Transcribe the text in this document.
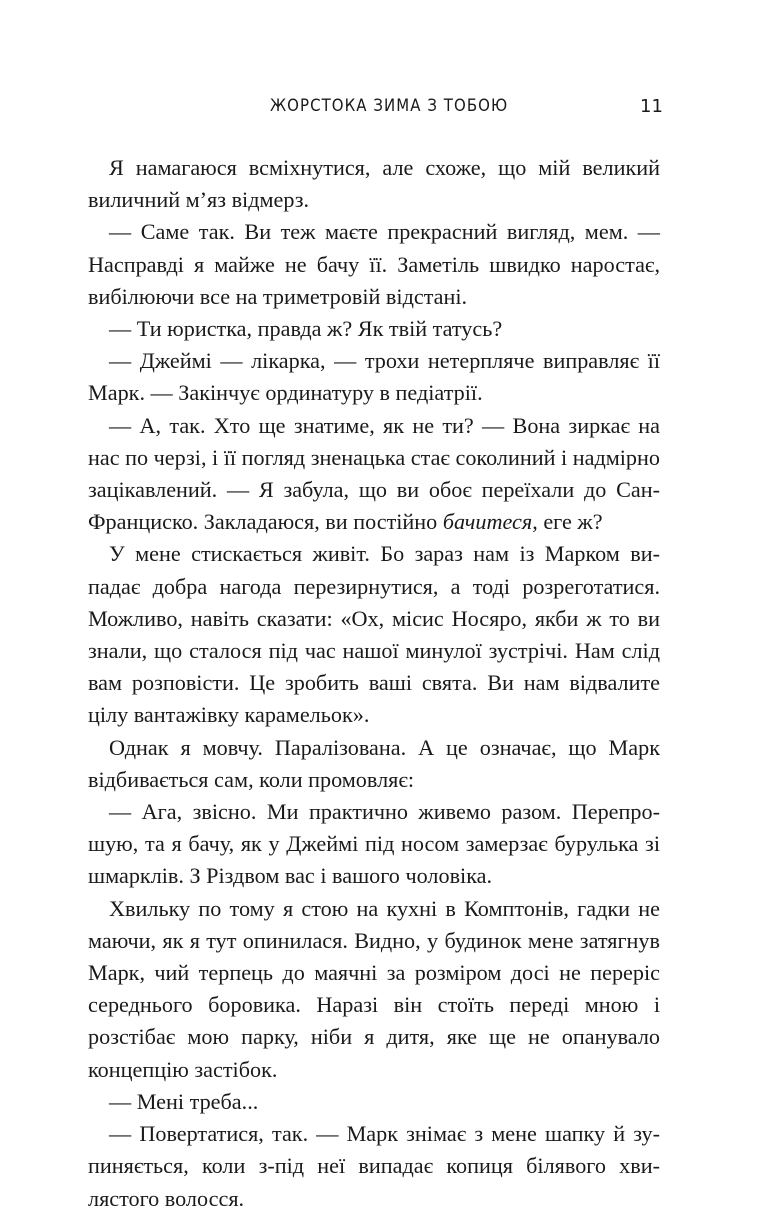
ЖОРСТОКА ЗИМА З ТОБОЮ	11

Я намагаюся всміхнутися, але схоже, що мій великий виличний м’яз відмерз.

— Саме так. Ви теж маєте прекрасний вигляд, мем. — Насправді я майже не бачу її. Заметіль швидко наростає, вибілюючи все на триметровій відстані.

— Ти юристка, правда ж? Як твій татусь?

— Джеймі — лікарка, — трохи нетерпляче виправляє її Марк. — Закінчує ординатуру в педіатрії.

— А, так. Хто ще знатиме, як не ти? — Вона зиркає на нас по черзі, і її погляд зненацька стає соколиний і надмірно зацікавлений. — Я забула, що ви обоє переїхали до Сан-Франциско. Закладаюся, ви постійно бачитеся, еге ж?

У мене стискається живіт. Бо зараз нам із Марком випадає добра нагода перезирнутися, а тоді розреготатися. Можливо, навіть сказати: «Ох, місис Носяро, якби ж то ви знали, що сталося під час нашої минулої зустрічі. Нам слід вам розповісти. Це зробить ваші свята. Ви нам відвалите цілу вантажівку карамельок».

Однак я мовчу. Паралізована. А це означає, що Марк відбивається сам, коли промовляє:

— Ага, звісно. Ми практично живемо разом. Перепрошую, та я бачу, як у Джеймі під носом замерзає бурулька зі шмарклів. З Різдвом вас і вашого чоловіка.

Хвильку по тому я стою на кухні в Комптонів, гадки не маючи, як я тут опинилася. Видно, у будинок мене затягнув Марк, чий терпець до маячні за розміром досі не переріс середнього боровика. Наразі він стоїть переді мною і розстібає мою парку, ніби я дитя, яке ще не опанувало концепцію застібок.

— Мені треба...

— Повертатися, так. — Марк знімає з мене шапку й зупиняється, коли з-під неї випадає копиця білявого хвилястого волосся.
